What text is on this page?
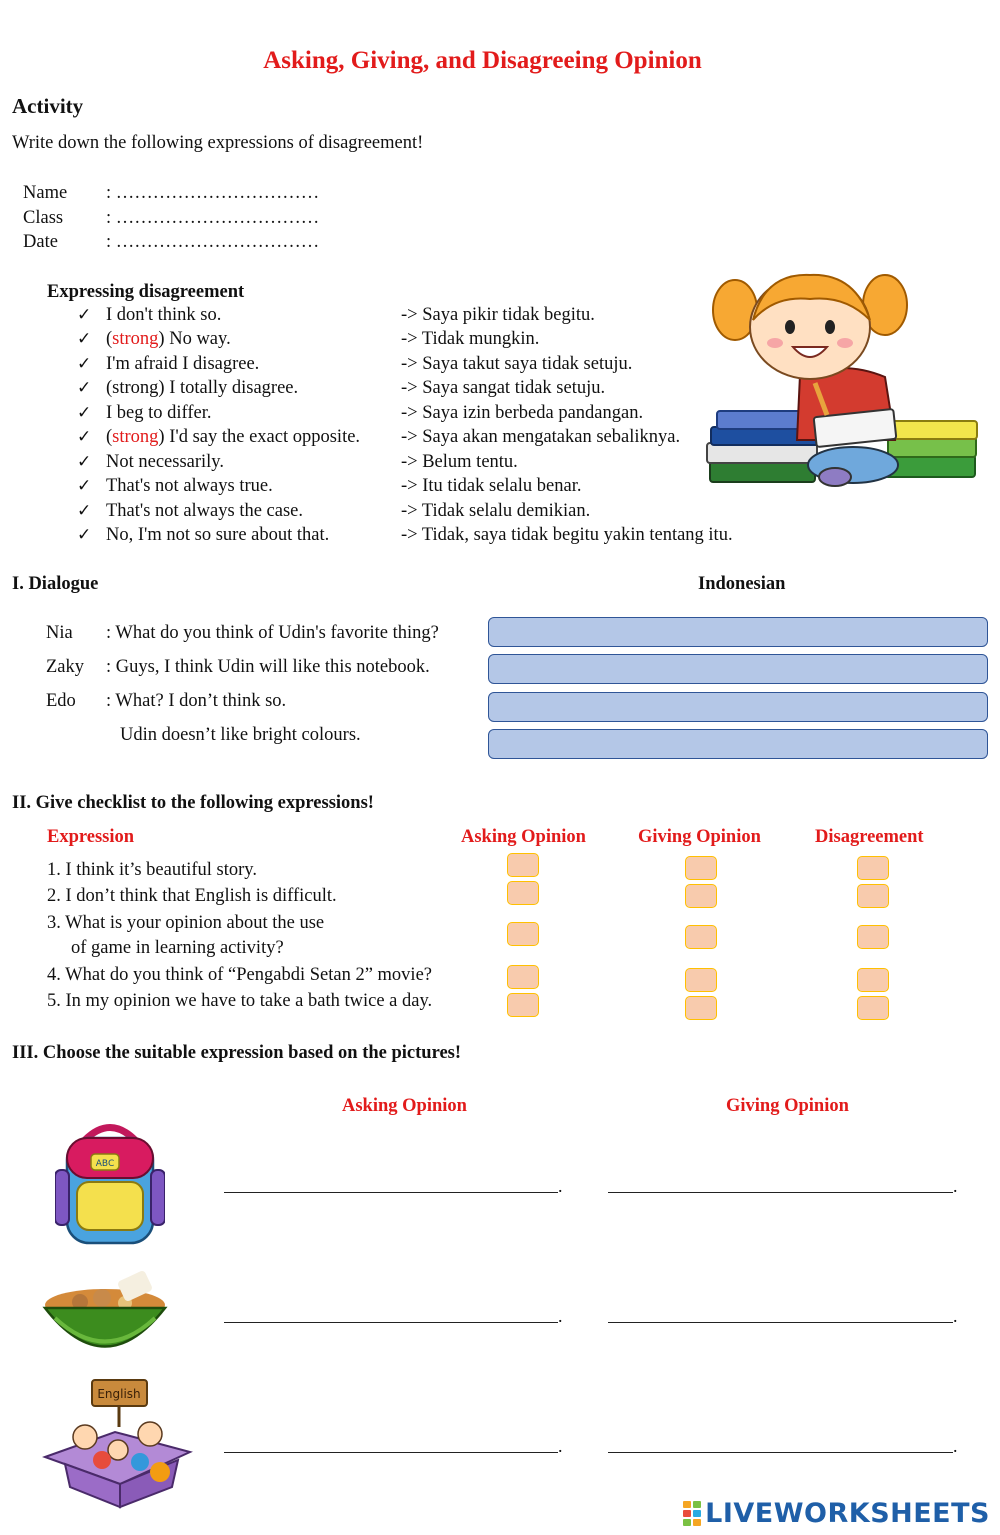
Asking, Giving, and Disagreeing Opinion
Activity
Write down the following expressions of disagreement!
Name : ……………………………
Class : ……………………………
Date	: ……………………………
Expressing disagreement
✓ I don't think so.	-> Saya pikir tidak begitu.
✓ (strong) No way.	-> Tidak mungkin.
✓ I'm afraid I disagree.	-> Saya takut saya tidak setuju.
✓ (strong) I totally disagree.	-> Saya sangat tidak setuju.
✓ I beg to differ.	-> Saya izin berbeda pandangan.
✓ (strong) I'd say the exact opposite. -> Saya akan mengatakan sebaliknya.
✓ Not necessarily.	-> Belum tentu.
✓ That's not always true.	-> Itu tidak selalu benar.
✓ That's not always the case.	-> Tidak selalu demikian.
✓ No, I'm not so sure about that.	-> Tidak, saya tidak begitu yakin tentang itu.
I. Dialogue	Indonesian
Nia : What do you think of Udin's favorite thing?
Zaky : Guys, I think Udin will like this notebook.
Edo : What? I don’t think so.
Udin doesn’t like bright colours.
II. Give checklist to the following expressions!
Expression	Asking Opinion	Giving Opinion	Disagreement
1. I think it’s beautiful story.
2. I don’t think that English is difficult.
3. What is your opinion about the use
of game in learning activity?
4. What do you think of “Pengabdi Setan 2” movie?
5. In my opinion we have to take a bath twice a day.
III. Choose the suitable expression based on the pictures!
Asking Opinion	Giving Opinion
ABC
English
.	.
.	.
.	.
LIVEWORKSHEETS
